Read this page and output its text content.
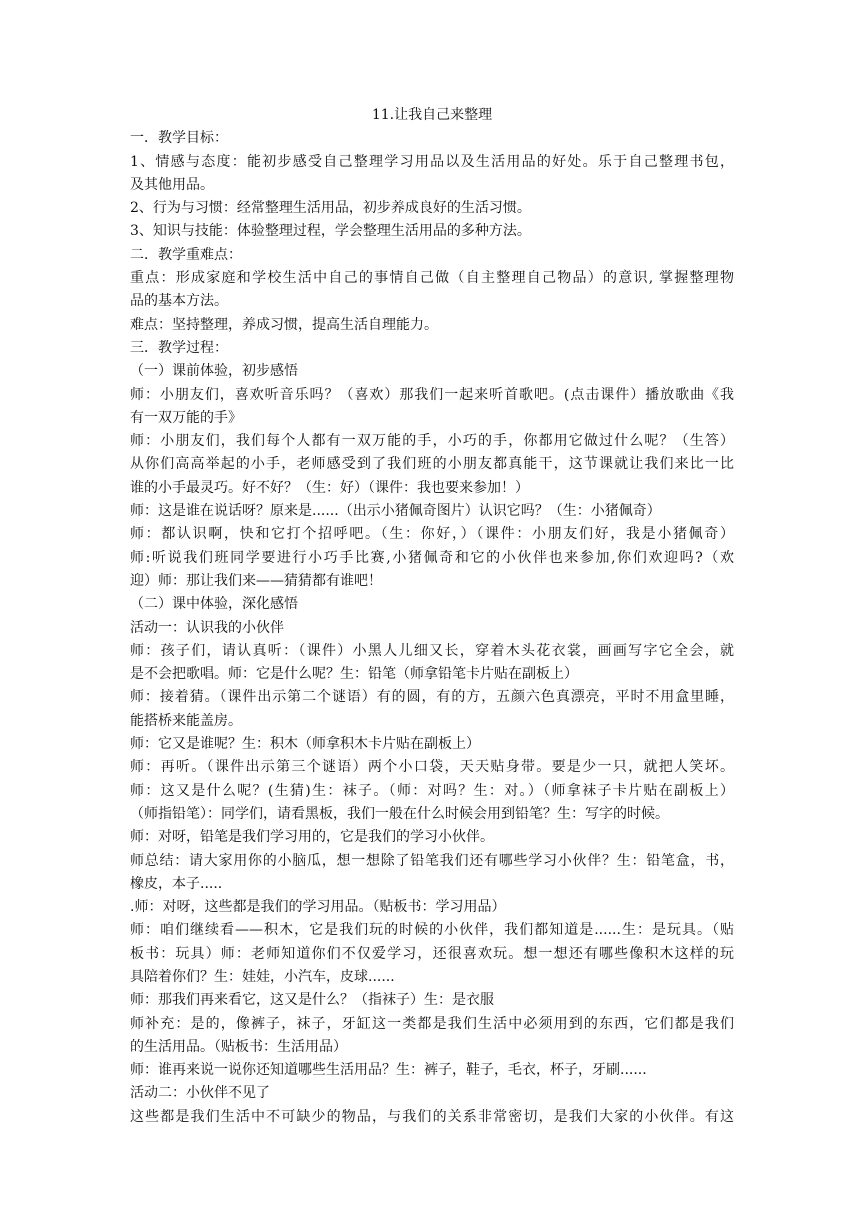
11.让我自己来整理

一．教学目标：

1、情感与态度：能初步感受自己整理学习用品以及生活用品的好处。乐于自己整理书包，

及其他用品。

2、行为与习惯：经常整理生活用品，初步养成良好的生活习惯。

3、知识与技能：体验整理过程，学会整理生活用品的多种方法。

二．教学重难点：

重点：形成家庭和学校生活中自己的事情自己做（自主整理自己物品）的意识, 掌握整理物

品的基本方法。

难点：坚持整理，养成习惯，提高生活自理能力。

三．教学过程：

（一）课前体验，初步感悟

师：小朋友们，喜欢听音乐吗？（喜欢）那我们一起来听首歌吧。(点击课件）播放歌曲《我

有一双万能的手》

师：小朋友们，我们每个人都有一双万能的手，小巧的手，你都用它做过什么呢？（生答）

从你们高高举起的小手，老师感受到了我们班的小朋友都真能干，这节课就让我们来比一比

谁的小手最灵巧。好不好？（生：好）（课件：我也要来参加！）

师：这是谁在说话呀？原来是......（出示小猪佩奇图片）认识它吗？（生：小猪佩奇）

师：都认识啊，快和它打个招呼吧。（生：你好，）（课件：小朋友们好，我是小猪佩奇）

师:听说我们班同学要进行小巧手比赛,小猪佩奇和它的小伙伴也来参加,你们欢迎吗?（欢

迎）师：那让我们来——猜猜都有谁吧！

（二）课中体验，深化感悟

活动一：认识我的小伙伴

师：孩子们，请认真听：（课件）小黑人儿细又长，穿着木头花衣裳，画画写字它全会，就

是不会把歌唱。师：它是什么呢？生：铅笔（师拿铅笔卡片贴在副板上）

师：接着猜。（课件出示第二个谜语）有的圆，有的方，五颜六色真漂亮，平时不用盒里睡，

能搭桥来能盖房。

师：它又是谁呢？生：积木（师拿积木卡片贴在副板上）

师：再听。（课件出示第三个谜语）两个小口袋，天天贴身带。要是少一只，就把人笑坏。

师：这又是什么呢？(生猜)生：袜子。（师：对吗？生：对。）（师拿袜子卡片贴在副板上）

（师指铅笔）：同学们，请看黑板，我们一般在什么时候会用到铅笔？生：写字的时候。

师：对呀，铅笔是我们学习用的，它是我们的学习小伙伴。

师总结：请大家用你的小脑瓜，想一想除了铅笔我们还有哪些学习小伙伴？生：铅笔盒，书，

橡皮，本子.....

.师：对呀，这些都是我们的学习用品。（贴板书：学习用品）

师：咱们继续看——积木，它是我们玩的时候的小伙伴，我们都知道是......生：是玩具。（贴

板书：玩具）师：老师知道你们不仅爱学习，还很喜欢玩。想一想还有哪些像积木这样的玩

具陪着你们？生：娃娃，小汽车，皮球......

师：那我们再来看它，这又是什么？（指袜子）生：是衣服

师补充：是的，像裤子，袜子，牙缸这一类都是我们生活中必须用到的东西，它们都是我们

的生活用品。（贴板书：生活用品）

师：谁再来说一说你还知道哪些生活用品？生：裤子，鞋子，毛衣，杯子，牙刷......

活动二：小伙伴不见了

这些都是我们生活中不可缺少的物品，与我们的关系非常密切，是我们大家的小伙伴。有这
